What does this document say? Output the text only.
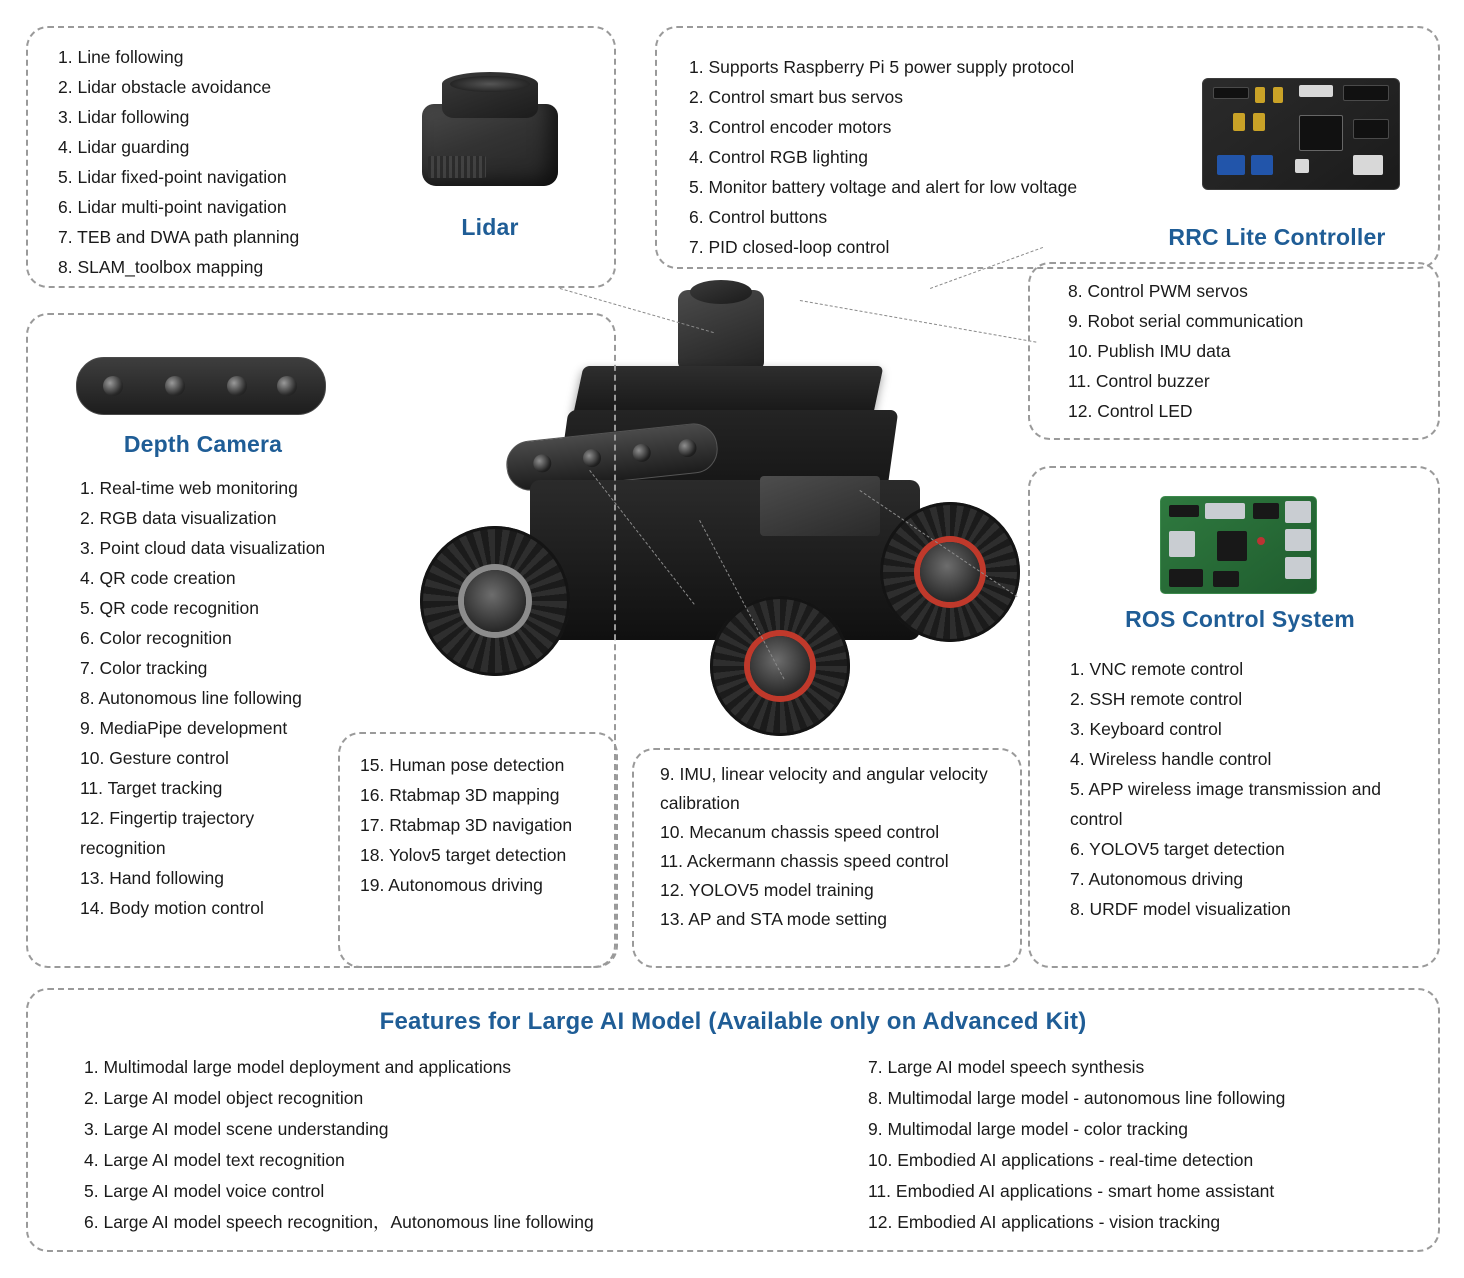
1. Line following
2. Lidar obstacle avoidance
3. Lidar following
4. Lidar guarding
5. Lidar fixed-point navigation
6. Lidar multi-point navigation
7. TEB and DWA path planning
8. SLAM_toolbox mapping
Lidar
1. Supports Raspberry Pi 5 power supply protocol
2. Control smart bus servos
3. Control encoder motors
4. Control RGB lighting
5. Monitor battery voltage and alert for low voltage
6. Control buttons
7. PID closed-loop control	RRC Lite Controller
8. Control PWM servos
9. Robot serial communication
10. Publish IMU data
11. Control buzzer
12. Control LED
Depth Camera
1. Real-time web monitoring
2. RGB data visualization
3. Point cloud data visualization
4. QR code creation
5. QR code recognition
6. Color recognition
7. Color tracking
8. Autonomous line following
9. MediaPipe development
10. Gesture control
11. Target tracking
12. Fingertip trajectory recognition
13. Hand following
14. Body motion control
15. Human pose detection
16. Rtabmap 3D mapping
17. Rtabmap 3D navigation
18. Yolov5 target detection
19. Autonomous driving
9. IMU, linear velocity and angular velocity calibration
10. Mecanum chassis speed control
11. Ackermann chassis speed control
12. YOLOV5 model training
13. AP and STA mode setting
ROS Control System
1. VNC remote control
2. SSH remote control
3. Keyboard control
4. Wireless handle control
5. APP wireless image transmission and control
6. YOLOV5 target detection
7. Autonomous driving
8. URDF model visualization
Features for Large AI Model (Available only on Advanced Kit)
1. Multimodal large model deployment and applications
2. Large AI model object recognition
3. Large AI model scene understanding
4. Large AI model text recognition
5. Large AI model voice control
6. Large AI model speech recognition，Autonomous line following
7. Large AI model speech synthesis
8. Multimodal large model - autonomous line following
9. Multimodal large model - color tracking
10. Embodied AI applications - real-time detection
11. Embodied AI applications - smart home assistant
12. Embodied AI applications - vision tracking
